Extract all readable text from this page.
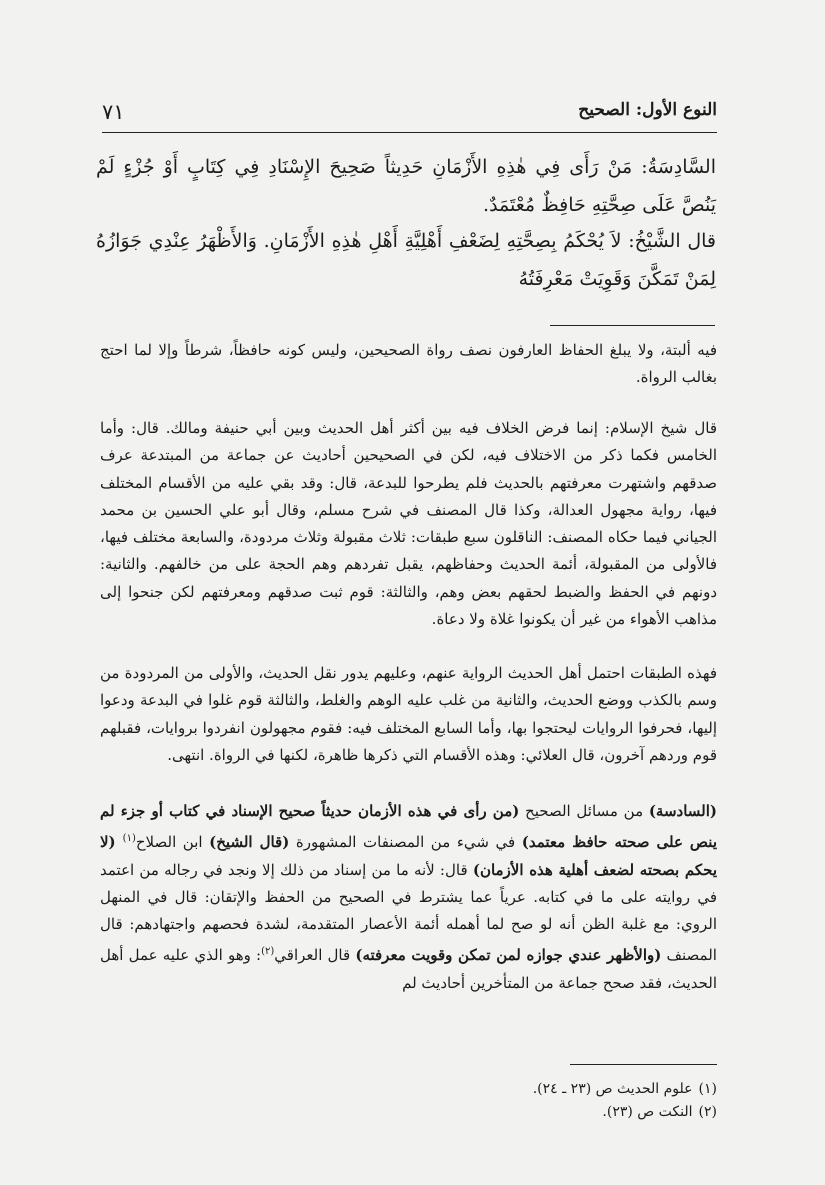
النوع الأول: الصحيح
٧١

السَّادِسَةُ: مَنْ رَأَى فِي هٰذِهِ الأَزْمَانِ حَدِيثاً صَحِيحَ الإِسْنَادِ فِي كِتَابٍ أَوْ جُزْءٍ لَمْ يَنُصَّ عَلَى صِحَّتِهِ حَافِظٌ مُعْتَمَدٌ.

قال الشَّيْخُ: لاَ يُحْكَمُ بِصِحَّتِهِ لِضَعْفِ أَهْلِيَّةِ أَهْلِ هٰذِهِ الأَزْمَانِ. وَالأَظْهَرُ عِنْدِي جَوَازُهُ لِمَنْ تَمَكَّنَ وَقَوِيَتْ مَعْرِفَتُهُ

فيه ألبتة، ولا يبلغ الحفاظ العارفون نصف رواة الصحيحين، وليس كونه حافظاً، شرطاً وإلا لما احتج بغالب الرواة.

قال شيخ الإسلام: إنما فرض الخلاف فيه بين أكثر أهل الحديث وبين أبي حنيفة ومالك. قال: وأما الخامس فكما ذكر من الاختلاف فيه، لكن في الصحيحين أحاديث عن جماعة من المبتدعة عرف صدقهم واشتهرت معرفتهم بالحديث فلم يطرحوا للبدعة، قال: وقد بقي عليه من الأقسام المختلف فيها، رواية مجهول العدالة، وكذا قال المصنف في شرح مسلم، وقال أبو علي الحسين بن محمد الجياني فيما حكاه المصنف: الناقلون سبع طبقات: ثلاث مقبولة وثلاث مردودة، والسابعة مختلف فيها، فالأولى من المقبولة، أئمة الحديث وحفاظهم، يقبل تفردهم وهم الحجة على من خالفهم. والثانية: دونهم في الحفظ والضبط لحقهم بعض وهم، والثالثة: قوم ثبت صدقهم ومعرفتهم لكن جنحوا إلى مذاهب الأهواء من غير أن يكونوا غلاة ولا دعاة.

فهذه الطبقات احتمل أهل الحديث الرواية عنهم، وعليهم يدور نقل الحديث، والأولى من المردودة من وسم بالكذب ووضع الحديث، والثانية من غلب عليه الوهم والغلط، والثالثة قوم غلوا في البدعة ودعوا إليها، فحرفوا الروايات ليحتجوا بها، وأما السابع المختلف فيه: فقوم مجهولون انفردوا بروايات، فقبلهم قوم وردهم آخرون، قال العلائي: وهذه الأقسام التي ذكرها ظاهرة، لكنها في الرواة. انتهى.

(السادسة) من مسائل الصحيح (من رأى في هذه الأزمان حديثاً صحيح الإسناد في كتاب أو جزء لم ينص على صحته حافظ معتمد) في شيء من المصنفات المشهورة (قال الشيخ) ابن الصلاح$^{(١)}$ (لا يحكم بصحته لضعف أهلية هذه الأزمان) قال: لأنه ما من إسناد من ذلك إلا ونجد في رجاله من اعتمد في روايته على ما في كتابه. عرياً عما يشترط في الصحيح من الحفظ والإتقان: قال في المنهل الروي: مع غلبة الظن أنه لو صح لما أهمله أئمة الأعصار المتقدمة، لشدة فحصهم واجتهادهم: قال المصنف (والأظهر عندي جوازه لمن تمكن وقويت معرفته) قال العراقي$^{(٢)}$: وهو الذي عليه عمل أهل الحديث، فقد صحح جماعة من المتأخرين أحاديث لم

(١)علوم الحديث ص (٢٣ ـ ٢٤).

(٢)النكت ص (٢٣).
